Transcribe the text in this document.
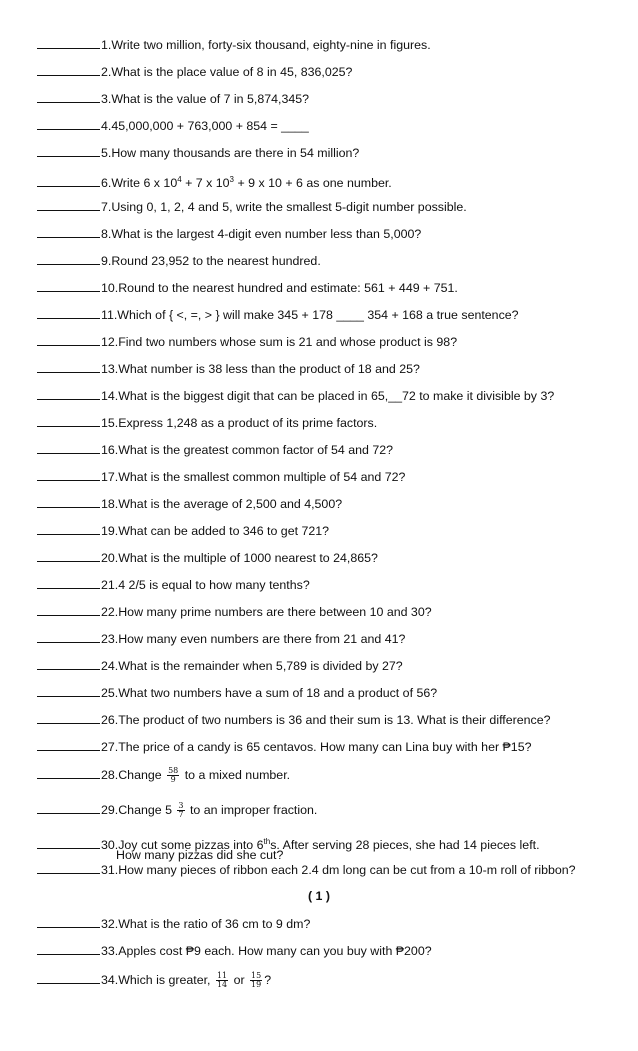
1.Write two million, forty-six thousand, eighty-nine in figures.
2.What is the place value of 8 in 45, 836,025?
3.What is the value of 7 in 5,874,345?
4.45,000,000 + 763,000 + 854 = ____
5.How many thousands are there in 54 million?
6.Write 6 x $10^4 + 7$ x $10^3 + 9$ x 10 + 6 as one number.
7.Using 0, 1, 2, 4 and 5, write the smallest 5-digit number possible.
8.What is the largest 4-digit even number less than 5,000?
9.Round 23,952 to the nearest hundred.
10.Round to the nearest hundred and estimate: 561 + 449 + 751.
11.Which of { <, =, > } will make 345 + 178 ____ 354 + 168 a true sentence?
12.Find two numbers whose sum is 21 and whose product is 98?
13.What number is 38 less than the product of 18 and 25?
14.What is the biggest digit that can be placed in 65,__72 to make it divisible by 3?
15.Express 1,248 as a product of its prime factors.
16.What is the greatest common factor of 54 and 72?
17.What is the smallest common multiple of 54 and 72?
18.What is the average of 2,500 and 4,500?
19.What can be added to 346 to get 721?
20.What is the multiple of 1000 nearest to 24,865?
21.4 2/5 is equal to how many tenths?
22.How many prime numbers are there between 10 and 30?
23.How many even numbers are there from 21 and 41?
24.What is the remainder when 5,789 is divided by 27?
25.What two numbers have a sum of 18 and a product of 56?
26.The product of two numbers is 36 and their sum is 13. What is their difference?
27.The price of a candy is 65 centavos. How many can Lina buy with her ₱15?
28.Change $\frac{58}{9}$ to a mixed number.
29.Change $5 \frac{3}{7}$ to an improper fraction.
30.Joy cut some pizzas into 6ths. After serving 28 pieces, she had 14 pieces left.
How many pizzas did she cut?
31.How many pieces of ribbon each 2.4 dm long can be cut from a 10-m roll of ribbon?
( 1 )
32.What is the ratio of 36 cm to 9 dm?
33.Apples cost ₱9 each. How many can you buy with ₱200?
34.Which is greater, $\frac{11}{14}$ or $\frac{15}{19}$ ?
